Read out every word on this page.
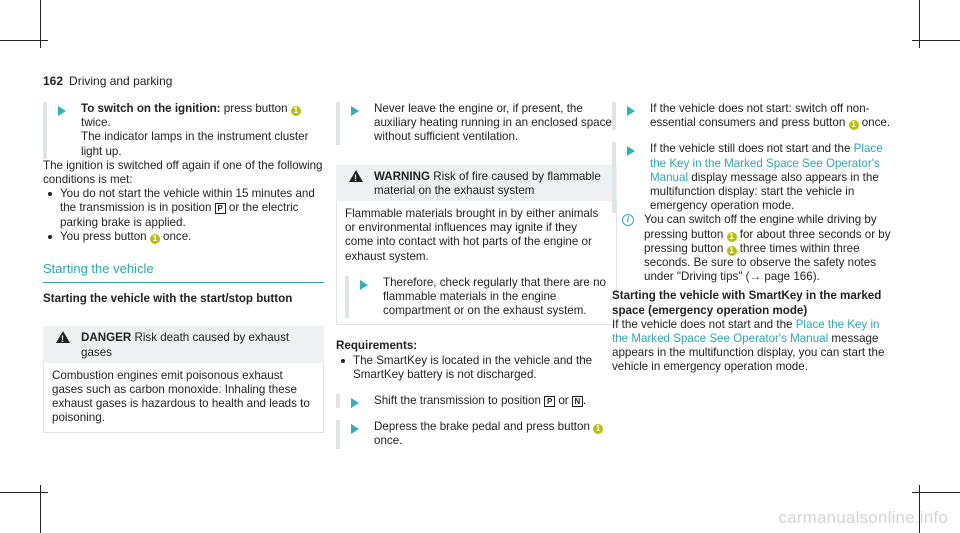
162 Driving and parking

To switch on the ignition: press button 1 twice.

The indicator lamps in the instrument cluster light up.

The ignition is switched off again if one of the following conditions is met:

You do not start the vehicle within 15 minutes and the transmission is in position P or the electric parking brake is applied.
You press button 1 once.
Starting the vehicle
Starting the vehicle with the start/stop button
!
DANGER Risk death caused by exhaust gases
Combustion engines emit poisonous exhaust gases such as carbon monoxide. Inhaling these exhaust gases is hazardous to health and leads to poisoning.

Never leave the engine or, if present, the auxiliary heating running in an enclosed space without sufficient ventilation.

!
WARNING Risk of fire caused by flammable material on the exhaust system

Flammable materials brought in by either animals or environmental influences may ignite if they come into contact with hot parts of the engine or exhaust system.

Therefore, check regularly that there are no flammable materials in the engine compartment or on the exhaust system.

Requirements:
The SmartKey is located in the vehicle and the SmartKey battery is not discharged.

Shift the transmission to position P or N .

Depress the brake pedal and press button 1 once.

If the vehicle does not start: switch off non-essential consumers and press button 1 once.

If the vehicle still does not start and the Place the Key in the Marked Space See Operator's Manual display message also appears in the multifunction display: start the vehicle in emergency operation mode.

i	You can switch off the engine while driving by pressing button 1 for about three seconds or by pressing button 1 three times within three seconds. Be sure to observe the safety notes under "Driving tips" (→ page 166).

Starting the vehicle with SmartKey in the marked space (emergency operation mode)

If the vehicle does not start and the Place the Key in the Marked Space See Operator's Manual message appears in the multifunction display, you can start the vehicle in emergency operation mode.

carmanualsonline.info
